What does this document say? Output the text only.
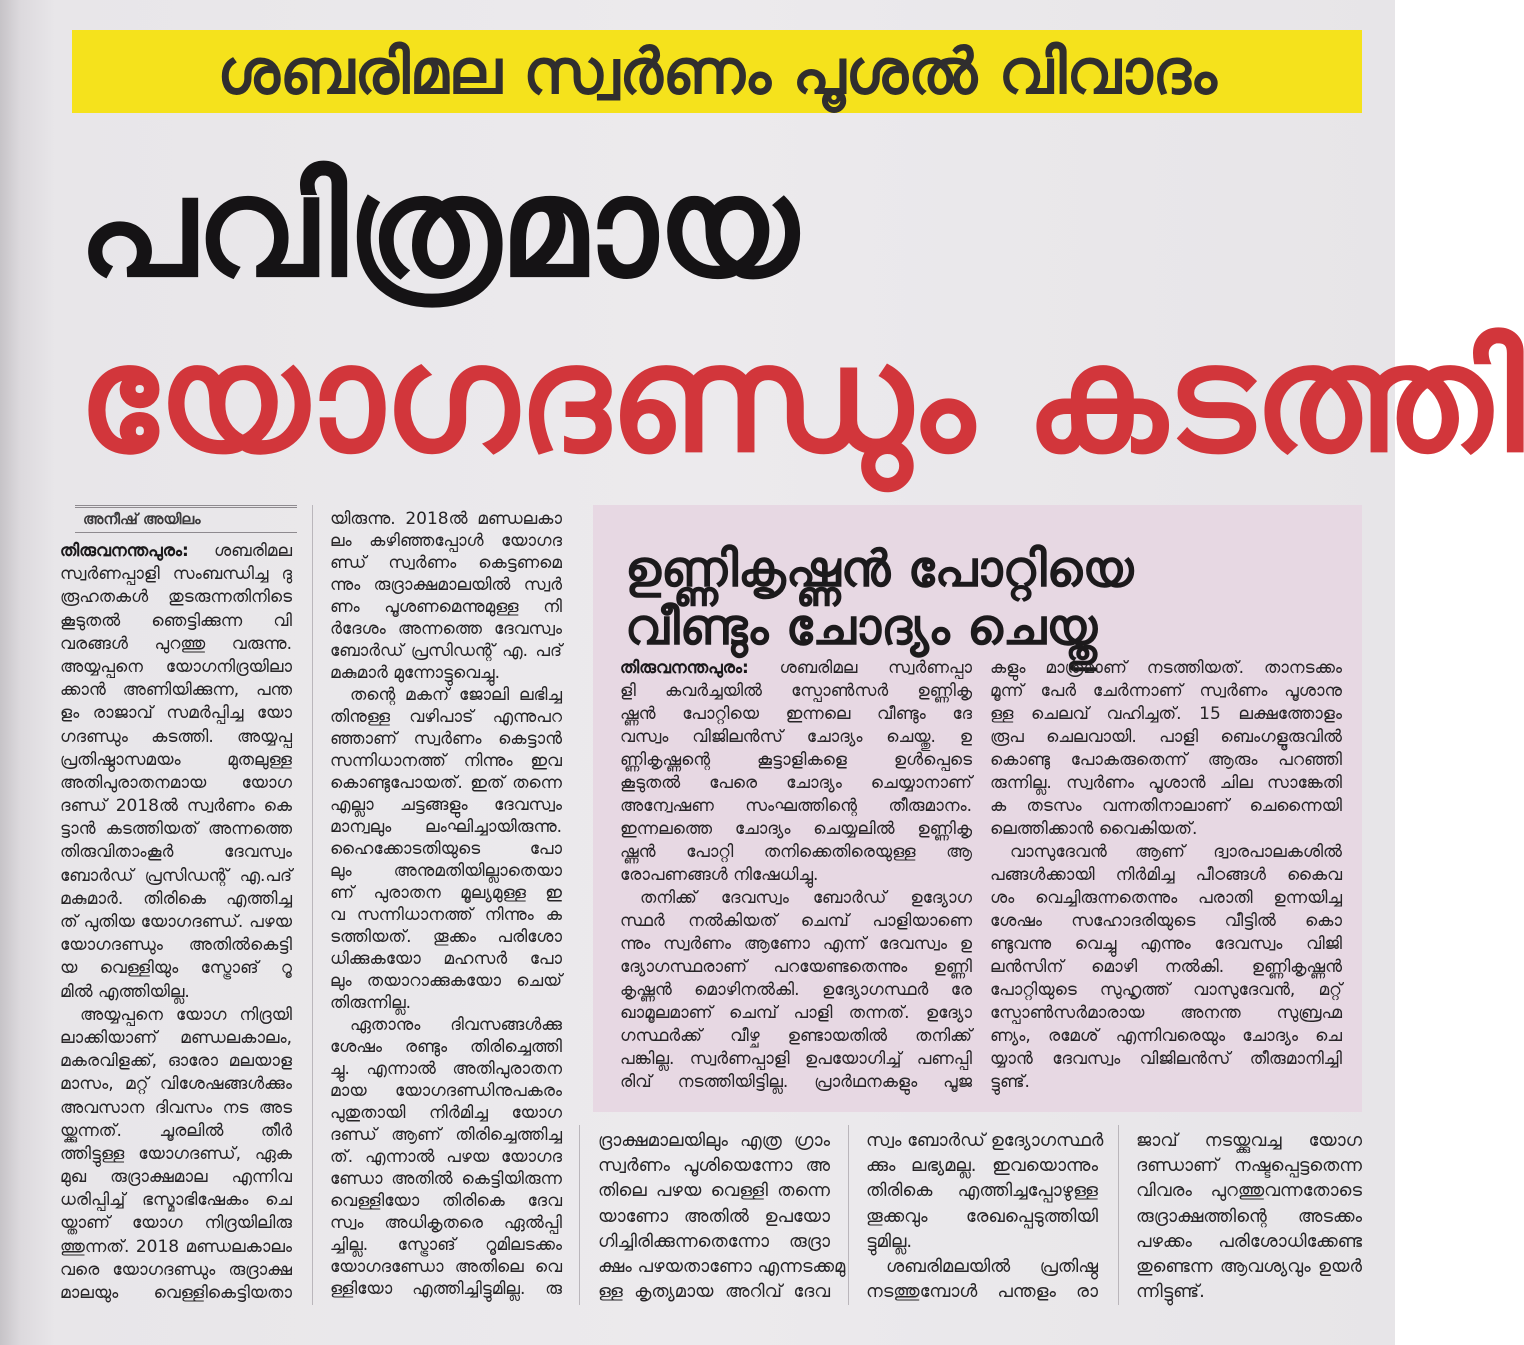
ശബരിമല സ്വർണം പൂശൽ വിവാദം
പവിത്രമായ
യോഗദണ്ഡും കടത്തി
അനീഷ് അയിലം
തിരുവനന്തപുരം: ശബരിമല
സ്വർണപ്പാളി സംബന്ധിച്ച ദു
രൂഹതകൾ തുടരുന്നതിനിടെ
കൂടുതൽ ഞെട്ടിക്കുന്ന വി
വരങ്ങൾ പുറത്തു വരുന്നു.
അയ്യപ്പനെ യോഗനിദ്രയിലാ
ക്കാൻ അണിയിക്കുന്ന, പന്ത
ളം രാജാവ് സമർപ്പിച്ച യോ
ഗദണ്ഡും കടത്തി. അയ്യപ്പ
പ്രതിഷ്ഠാസമയം മുതലുള്ള
അതിപുരാതനമായ യോഗ
ദണ്ഡ് 2018ൽ സ്വർണം കെ
ട്ടാൻ കടത്തിയത് അന്നത്തെ
തിരുവിതാംകൂർ ദേവസ്വം
ബോർഡ് പ്രസിഡന്റ് എ.പദ്
മകുമാർ. തിരികെ എത്തിച്ച
ത് പുതിയ യോഗദണ്ഡ്. പഴയ
യോഗദണ്ഡും അതിൽകെട്ടി
യ വെള്ളിയും സ്ട്രോങ് റൂ
മിൽ എത്തിയില്ല.
അയ്യപ്പനെ യോഗ നിദ്രയി
ലാക്കിയാണ് മണ്ഡലകാലം,
മകരവിളക്ക്, ഓരോ മലയാള
മാസം, മറ്റ് വിശേഷങ്ങൾക്കും
അവസാന ദിവസം നട അട
യ്ക്കുന്നത്. ചൂരലിൽ തീർ
ത്തിട്ടുള്ള യോഗദണ്ഡ്, ഏക
മുഖ രുദ്രാക്ഷമാല എന്നിവ
ധരിപ്പിച്ച് ഭസ്മാഭിഷേകം ചെ
യ്താണ് യോഗ നിദ്രയിലിരു
ത്തുന്നത്. 2018 മണ്ഡലകാലം
വരെ യോഗദണ്ഡും രുദ്രാക്ഷ
മാലയും വെള്ളികെട്ടിയതാ
യിരുന്നു. 2018ൽ മണ്ഡലകാ
ലം കഴിഞ്ഞപ്പോൾ യോഗദ
ണ്ഡ് സ്വർണം കെട്ടണമെ
ന്നും രുദ്രാക്ഷമാലയിൽ സ്വർ
ണം പൂശണമെന്നുമുള്ള നി
ർദേശം അന്നത്തെ ദേവസ്വം
ബോർഡ് പ്രസിഡന്റ് എ. പദ്
മകുമാർ മുന്നോട്ടുവെച്ചു.
തന്റെ മകന് ജോലി ലഭിച്ച
തിനുള്ള വഴിപാട് എന്നുപറ
ഞ്ഞാണ് സ്വർണം കെട്ടാൻ
സന്നിധാനത്ത് നിന്നും ഇവ
കൊണ്ടുപോയത്. ഇത് തന്നെ
എല്ലാ ചട്ടങ്ങളും ദേവസ്വം
മാന്വലും ലംഘിച്ചായിരുന്നു.
ഹൈക്കോടതിയുടെ പോ
ലും അനുമതിയില്ലാതെയാ
ണ് പുരാതന മൂല്യമുള്ള ഇ
വ സന്നിധാനത്ത് നിന്നും ക
ടത്തിയത്. തൂക്കം പരിശോ
ധിക്കുകയോ മഹസർ പോ
ലും തയാറാക്കുകയോ ചെയ്
തിരുന്നില്ല.
ഏതാനും ദിവസങ്ങൾക്കു
ശേഷം രണ്ടും തിരിച്ചെത്തി
ച്ചു. എന്നാൽ അതിപുരാതന
മായ യോഗദണ്ഡിനുപകരം
പുതുതായി നിർമിച്ച യോഗ
ദണ്ഡ് ആണ് തിരിച്ചെത്തിച്ച
ത്. എന്നാൽ പഴയ യോഗദ
ണ്ഡോ അതിൽ കെട്ടിയിരുന്ന
വെള്ളിയോ തിരികെ ദേവ
സ്വം അധികൃതരെ ഏൽപ്പി
ച്ചില്ല. സ്ട്രോങ് റൂമിലടക്കം
യോഗദണ്ഡോ അതിലെ വെ
ള്ളിയോ എത്തിച്ചിട്ടുമില്ല. രു
ദ്രാക്ഷമാലയിലും എത്ര ഗ്രാം
സ്വർണം പൂശിയെന്നോ അ
തിലെ പഴയ വെള്ളി തന്നെ
യാണോ അതിൽ ഉപയോ
ഗിച്ചിരിക്കുന്നതെന്നോ രുദ്രാ
ക്ഷം പഴയതാണോ എന്നടക്കമു
ള്ള കൃത്യമായ അറിവ് ദേവ
സ്വം ബോർഡ് ഉദ്യോഗസ്ഥർ
ക്കും ലഭ്യമല്ല. ഇവയൊന്നും
തിരികെ എത്തിച്ചപ്പോഴുള്ള
തൂക്കവും രേഖപ്പെടുത്തിയി
ട്ടുമില്ല.
ശബരിമലയിൽ പ്രതിഷ്ഠ
നടത്തുമ്പോൾ പന്തളം രാ
ജാവ് നടയ്ക്കുവച്ച യോഗ
ദണ്ഡാണ് നഷ്ടപ്പെട്ടതെന്ന
വിവരം പുറത്തുവന്നതോടെ
രുദ്രാക്ഷത്തിന്റെ അടക്കം
പഴക്കം പരിശോധിക്കേണ്ട
തുണ്ടെന്ന ആവശ്യവും ഉയർ
ന്നിട്ടുണ്ട്.
ഉണ്ണികൃഷ്ണൻ പോറ്റിയെ
വീണ്ടും ചോദ്യം ചെയ്തു
തിരുവനന്തപുരം: ശബരിമല സ്വർണപ്പാ
ളി കവർച്ചയിൽ സ്പോൺസർ ഉണ്ണികൃ
ഷ്ണൻ പോറ്റിയെ ഇന്നലെ വീണ്ടും ദേ
വസ്വം വിജിലൻസ് ചോദ്യം ചെയ്തു. ഉ
ണ്ണികൃഷ്ണന്റെ കൂട്ടാളികളെ ഉൾപ്പെടെ
കൂടുതൽ പേരെ ചോദ്യം ചെയ്യാനാണ്
അന്വേഷണ സംഘത്തിന്റെ തീരുമാനം.
ഇന്നലത്തെ ചോദ്യം ചെയ്യലിൽ ഉണ്ണികൃ
ഷ്ണൻ പോറ്റി തനിക്കെതിരെയുള്ള ആ
രോപണങ്ങൾ നിഷേധിച്ചു.
തനിക്ക് ദേവസ്വം ബോർഡ് ഉദ്യോഗ
സ്ഥർ നൽകിയത് ചെമ്പ് പാളിയാണെ
ന്നും സ്വർണം ആണോ എന്ന് ദേവസ്വം ഉ
ദ്യോഗസ്ഥരാണ് പറയേണ്ടതെന്നും ഉണ്ണി
കൃഷ്ണൻ മൊഴിനൽകി. ഉദ്യോഗസ്ഥർ രേ
ഖാമൂലമാണ് ചെമ്പ് പാളി തന്നത്. ഉദ്യോ
ഗസ്ഥർക്ക് വീഴ്ച ഉണ്ടായതിൽ തനിക്ക്
പങ്കില്ല. സ്വർണപ്പാളി ഉപയോഗിച്ച് പണപ്പി
രിവ് നടത്തിയിട്ടില്ല. പ്രാർഥനകളും പൂജ
കളും മാത്രമാണ് നടത്തിയത്. താനടക്കം
മൂന്ന് പേർ ചേർന്നാണ് സ്വർണം പൂശാനു
ള്ള ചെലവ് വഹിച്ചത്. 15 ലക്ഷത്തോളം
രൂപ ചെലവായി. പാളി ബെംഗളൂരുവിൽ
കൊണ്ടു പോകരുതെന്ന് ആരും പറഞ്ഞി
രുന്നില്ല. സ്വർണം പൂശാൻ ചില സാങ്കേതി
ക തടസം വന്നതിനാലാണ് ചെന്നൈയി
ലെത്തിക്കാൻ വൈകിയത്.
വാസുദേവൻ ആണ് ദ്വാരപാലകശിൽ
പങ്ങൾക്കായി നിർമിച്ച പീഠങ്ങൾ കൈവ
ശം വെച്ചിരുന്നതെന്നും പരാതി ഉന്നയിച്ച
ശേഷം സഹോദരിയുടെ വീട്ടിൽ കൊ
ണ്ടുവന്നു വെച്ചു എന്നും ദേവസ്വം വിജി
ലൻസിന് മൊഴി നൽകി. ഉണ്ണികൃഷ്ണൻ
പോറ്റിയുടെ സുഹൃത്ത് വാസുദേവൻ, മറ്റ്
സ്പോൺസർമാരായ അനന്ത സുബ്രഹ്മ
ണ്യം, രമേശ് എന്നിവരെയും ചോദ്യം ചെ
യ്യാൻ ദേവസ്വം വിജിലൻസ് തീരുമാനിച്ചി
ട്ടുണ്ട്.
